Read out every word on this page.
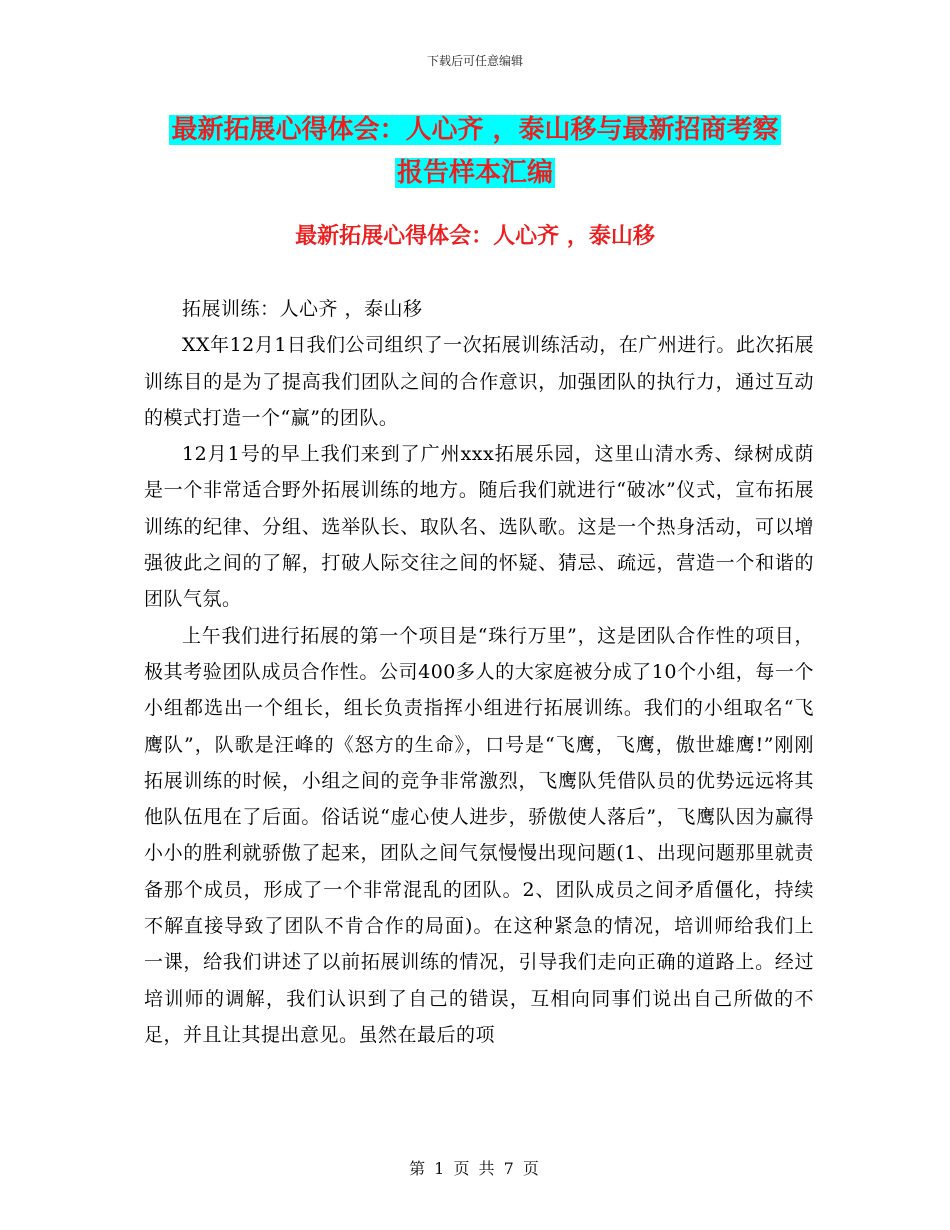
下载后可任意编辑
最新拓展心得体会：人心齐 ，泰山移与最新招商考察
报告样本汇编
最新拓展心得体会：人心齐 ，泰山移

拓展训练：人心齐 ，泰山移

XX年12月1日我们公司组织了一次拓展训练活动，在广州进行。此次拓展训练目的是为了提高我们团队之间的合作意识，加强团队的执行力，通过互动的模式打造一个“赢”的团队。

12月1号的早上我们来到了广州xxx拓展乐园，这里山清水秀、绿树成荫是一个非常适合野外拓展训练的地方。随后我们就进行“破冰”仪式，宣布拓展训练的纪律、分组、选举队长、取队名、选队歌。这是一个热身活动，可以增强彼此之间的了解，打破人际交往之间的怀疑、猜忌、疏远，营造一个和谐的团队气氛。

上午我们进行拓展的第一个项目是“珠行万里”，这是团队合作性的项目，极其考验团队成员合作性。公司400多人的大家庭被分成了10个小组，每一个小组都选出一个组长，组长负责指挥小组进行拓展训练。我们的小组取名“飞鹰队”，队歌是汪峰的《怒方的生命》，口号是“飞鹰，飞鹰，傲世雄鹰!”刚刚拓展训练的时候，小组之间的竞争非常激烈，飞鹰队凭借队员的优势远远将其他队伍甩在了后面。俗话说“虚心使人进步，骄傲使人落后”，飞鹰队因为赢得小小的胜利就骄傲了起来，团队之间气氛慢慢出现问题(1、出现问题那里就责备那个成员，形成了一个非常混乱的团队。2、团队成员之间矛盾僵化，持续不解直接导致了团队不肯合作的局面)。在这种紧急的情况，培训师给我们上一课，给我们讲述了以前拓展训练的情况，引导我们走向正确的道路上。经过培训师的调解，我们认识到了自己的错误，互相向同事们说出自己所做的不足，并且让其提出意见。虽然在最后的项

第 1 页 共 7 页
